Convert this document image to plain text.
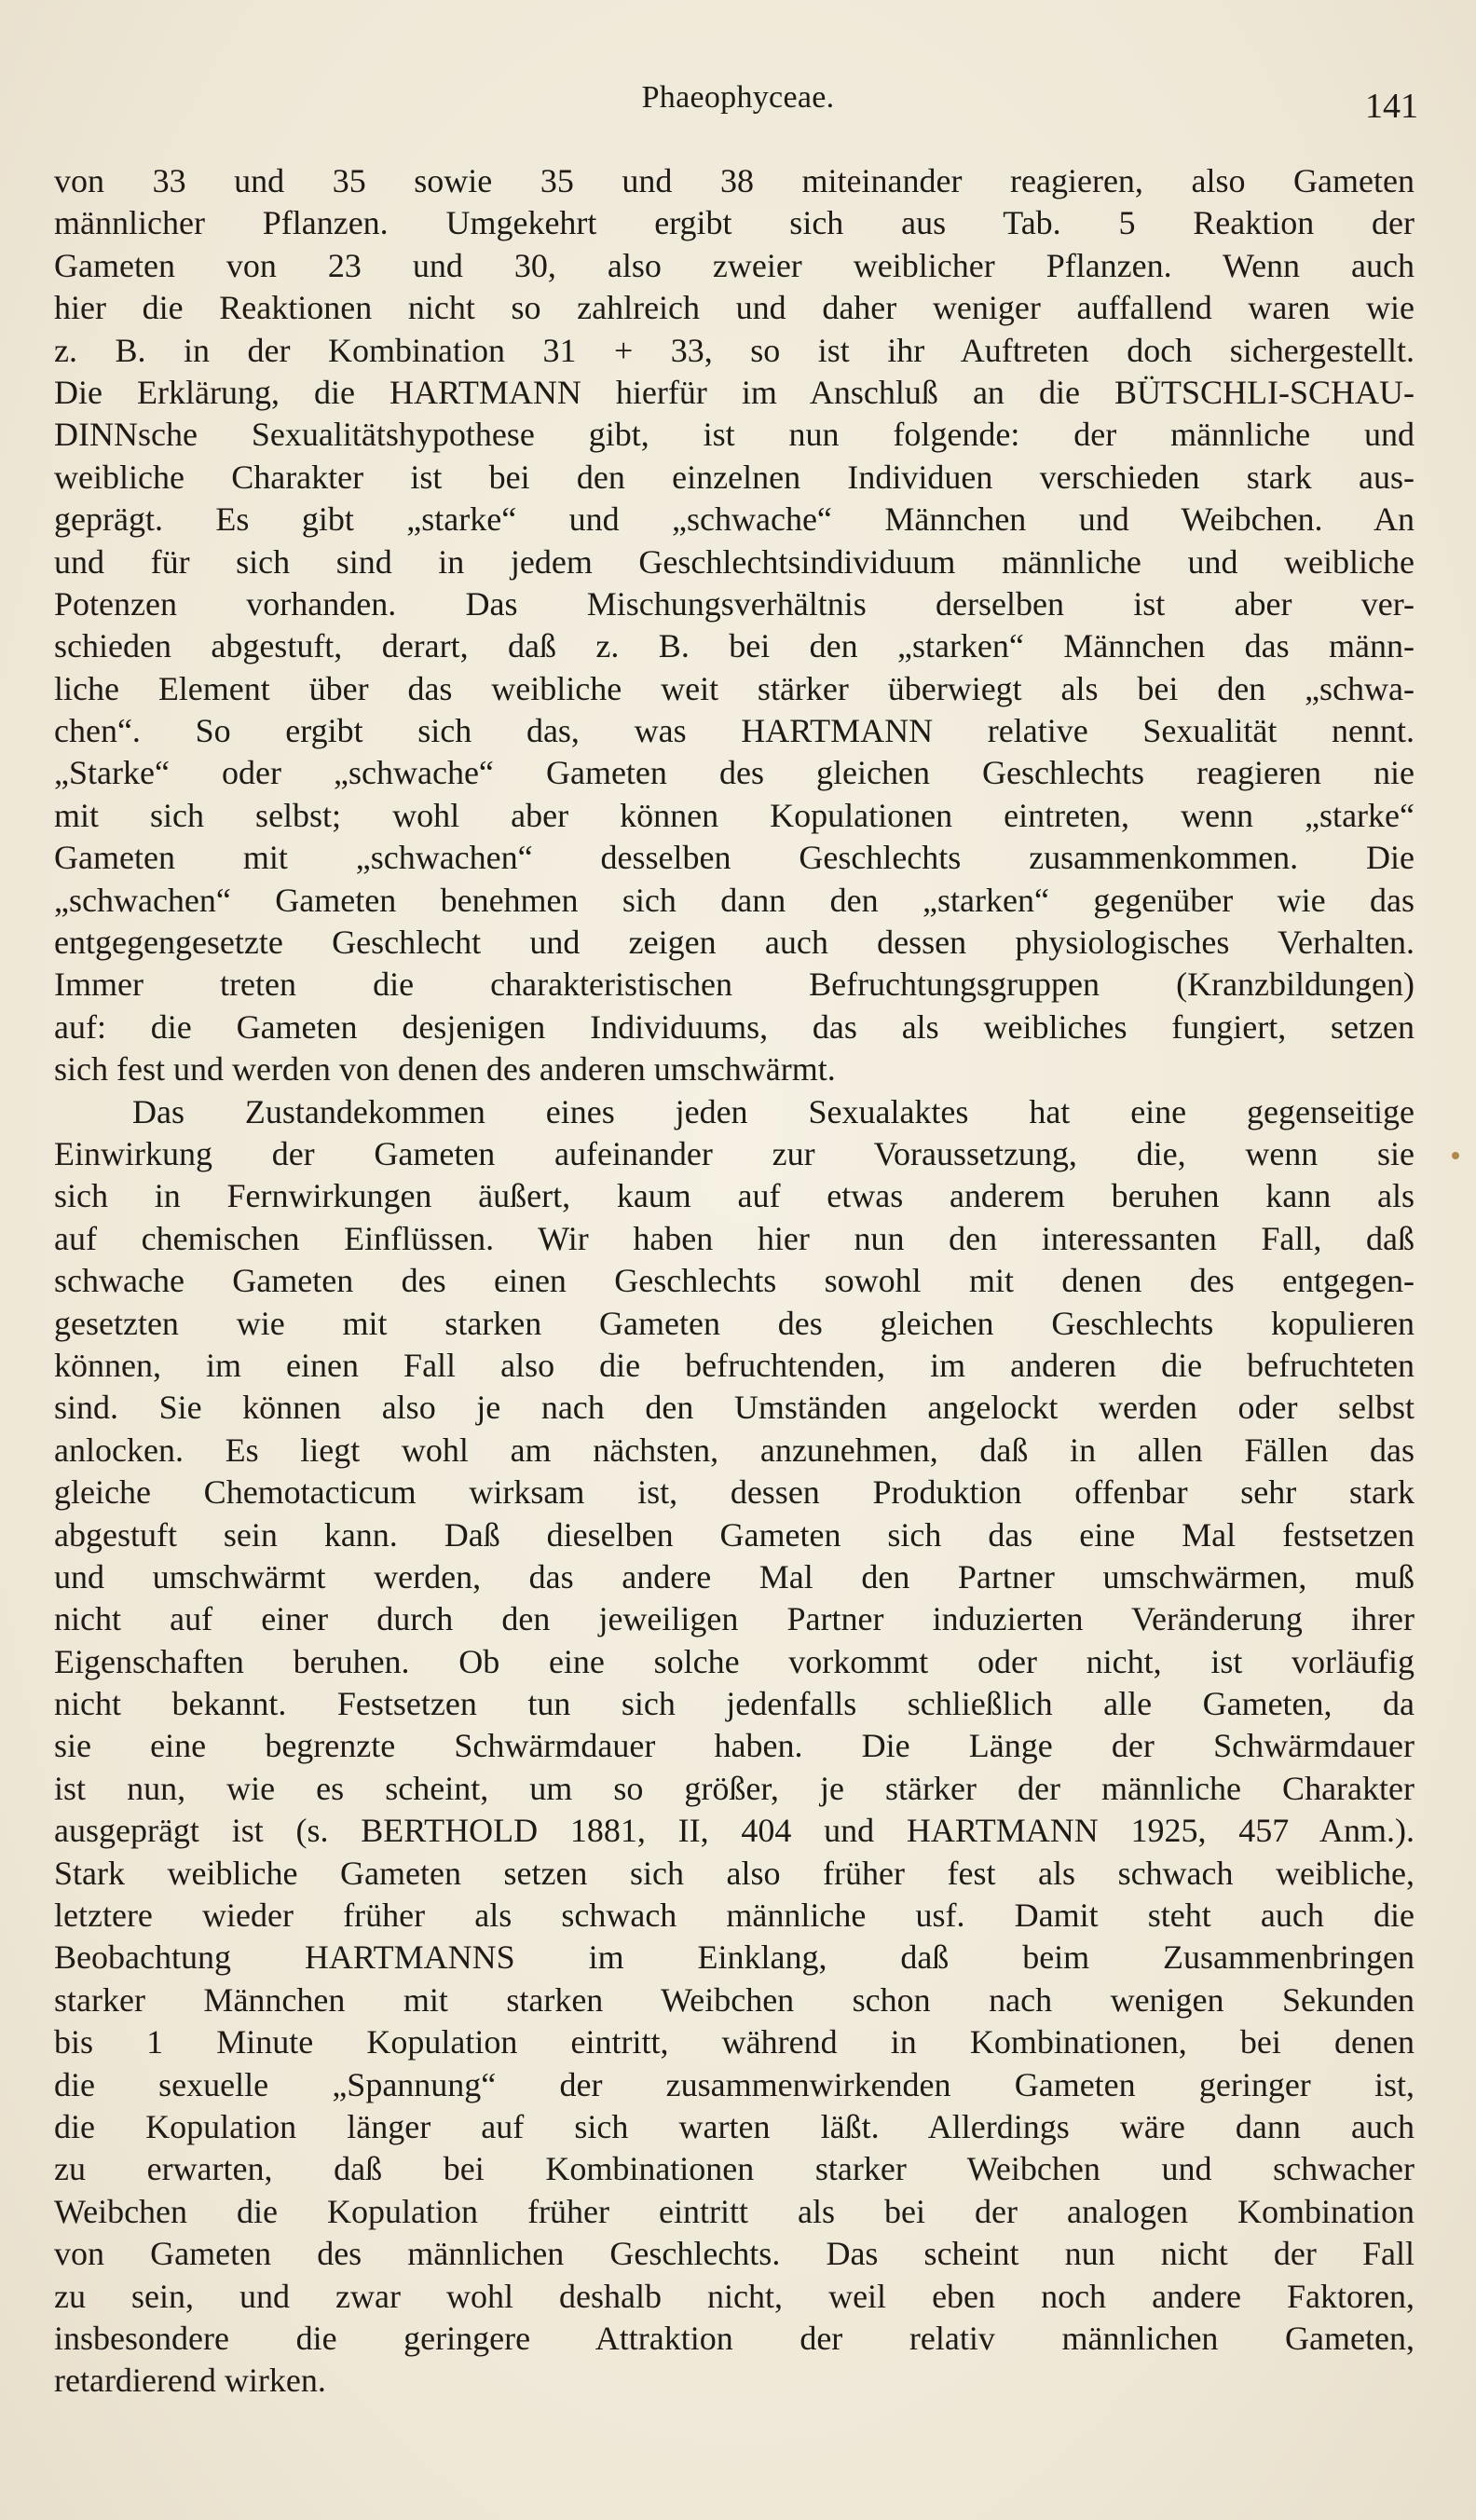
Phaeophyceae.	141
von 33 und 35 sowie 35 und 38 miteinander reagieren, also Gameten
männlicher Pflanzen. Umgekehrt ergibt sich aus Tab. 5 Reaktion der
Gameten von 23 und 30, also zweier weiblicher Pflanzen. Wenn auch
hier die Reaktionen nicht so zahlreich und daher weniger auffallend waren wie
z. B. in der Kombination 31 + 33, so ist ihr Auftreten doch sichergestellt.
Die Erklärung, die HARTMANN hierfür im Anschluß an die BÜTSCHLI-SCHAU-
DINNsche Sexualitätshypothese gibt, ist nun folgende: der männliche und
weibliche Charakter ist bei den einzelnen Individuen verschieden stark aus-
geprägt. Es gibt „starke“ und „schwache“ Männchen und Weibchen. An
und für sich sind in jedem Geschlechtsindividuum männliche und weibliche
Potenzen vorhanden. Das Mischungsverhältnis derselben ist aber ver-
schieden abgestuft, derart, daß z. B. bei den „starken“ Männchen das männ-
liche Element über das weibliche weit stärker überwiegt als bei den „schwa-
chen“. So ergibt sich das, was HARTMANN relative Sexualität nennt.
„Starke“ oder „schwache“ Gameten des gleichen Geschlechts reagieren nie
mit sich selbst; wohl aber können Kopulationen eintreten, wenn „starke“
Gameten mit „schwachen“ desselben Geschlechts zusammenkommen. Die
„schwachen“ Gameten benehmen sich dann den „starken“ gegenüber wie das
entgegengesetzte Geschlecht und zeigen auch dessen physiologisches Verhalten.
Immer treten die charakteristischen Befruchtungsgruppen (Kranzbildungen)
auf: die Gameten desjenigen Individuums, das als weibliches fungiert, setzen
sich fest und werden von denen des anderen umschwärmt.
Das Zustandekommen eines jeden Sexualaktes hat eine gegenseitige
Einwirkung der Gameten aufeinander zur Voraussetzung, die, wenn sie
sich in Fernwirkungen äußert, kaum auf etwas anderem beruhen kann als
auf chemischen Einflüssen. Wir haben hier nun den interessanten Fall, daß
schwache Gameten des einen Geschlechts sowohl mit denen des entgegen-
gesetzten wie mit starken Gameten des gleichen Geschlechts kopulieren
können, im einen Fall also die befruchtenden, im anderen die befruchteten
sind. Sie können also je nach den Umständen angelockt werden oder selbst
anlocken. Es liegt wohl am nächsten, anzunehmen, daß in allen Fällen das
gleiche Chemotacticum wirksam ist, dessen Produktion offenbar sehr stark
abgestuft sein kann. Daß dieselben Gameten sich das eine Mal festsetzen
und umschwärmt werden, das andere Mal den Partner umschwärmen, muß
nicht auf einer durch den jeweiligen Partner induzierten Veränderung ihrer
Eigenschaften beruhen. Ob eine solche vorkommt oder nicht, ist vorläufig
nicht bekannt. Festsetzen tun sich jedenfalls schließlich alle Gameten, da
sie eine begrenzte Schwärmdauer haben. Die Länge der Schwärmdauer
ist nun, wie es scheint, um so größer, je stärker der männliche Charakter
ausgeprägt ist (s. BERTHOLD 1881, II, 404 und HARTMANN 1925, 457 Anm.).
Stark weibliche Gameten setzen sich also früher fest als schwach weibliche,
letztere wieder früher als schwach männliche usf. Damit steht auch die
Beobachtung HARTMANNS im Einklang, daß beim Zusammenbringen
starker Männchen mit starken Weibchen schon nach wenigen Sekunden
bis 1 Minute Kopulation eintritt, während in Kombinationen, bei denen
die sexuelle „Spannung“ der zusammenwirkenden Gameten geringer ist,
die Kopulation länger auf sich warten läßt. Allerdings wäre dann auch
zu erwarten, daß bei Kombinationen starker Weibchen und schwacher
Weibchen die Kopulation früher eintritt als bei der analogen Kombination
von Gameten des männlichen Geschlechts. Das scheint nun nicht der Fall
zu sein, und zwar wohl deshalb nicht, weil eben noch andere Faktoren,
insbesondere die geringere Attraktion der relativ männlichen Gameten,
retardierend wirken.
